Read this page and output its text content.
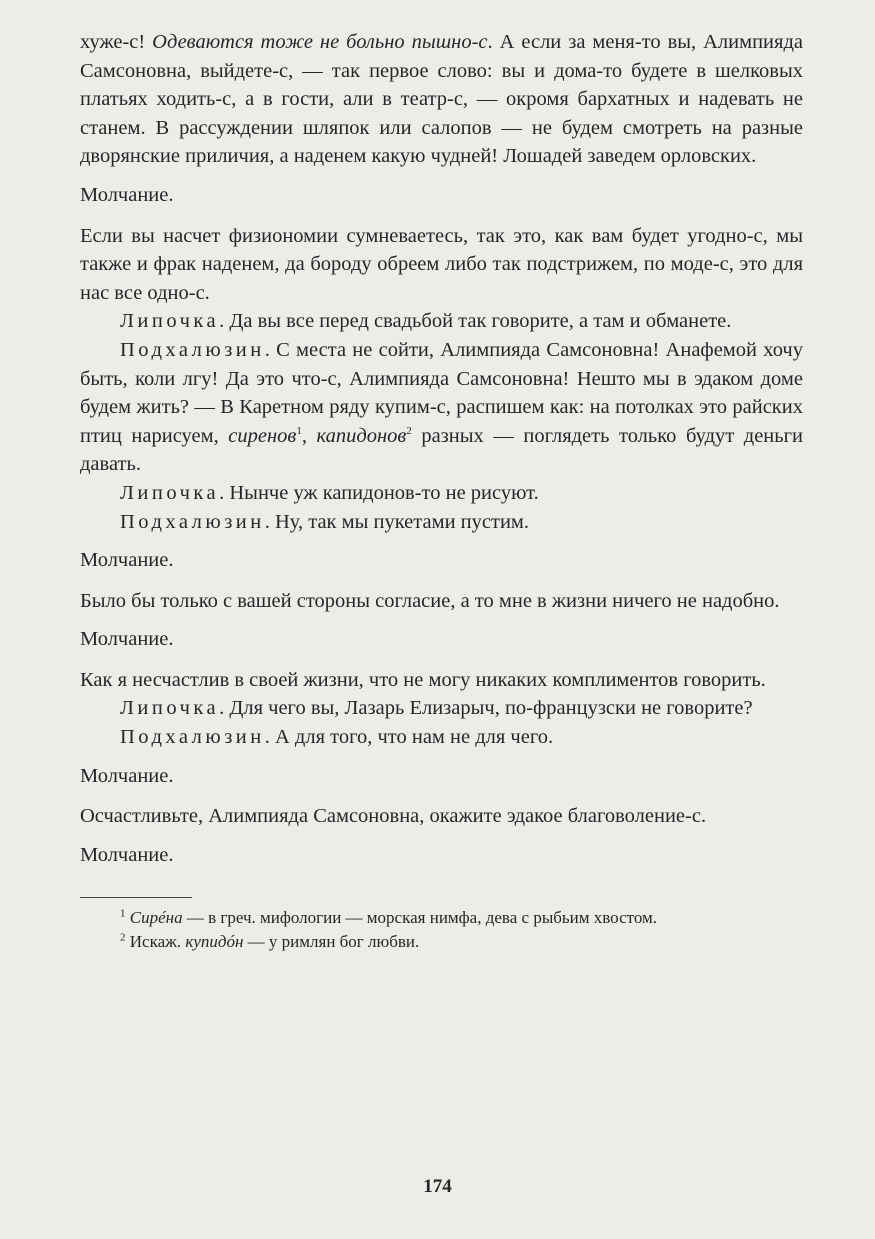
хуже-с! Одеваются тоже не больно пышно-с. А если за меня-то вы, Алимпияда Самсоновна, выйдете-с, — так первое слово: вы и дома-то будете в шелковых платьях ходить-с, а в гости, али в театр-с, — окромя бархатных и надевать не станем. В рассуждении шляпок или салопов — не будем смотреть на разные дворянские приличия, а наденем какую чудней! Лошадей заведем орловских.

Молчание.

Если вы насчет физиономии сумневаетесь, так это, как вам будет угодно-с, мы также и фрак наденем, да бороду обреем либо так подстрижем, по моде-с, это для нас все одно-с.

Липочка. Да вы все перед свадьбой так говорите, а там и обманете.

Подхалюзин. С места не сойти, Алимпияда Самсоновна! Анафемой хочу быть, коли лгу! Да это что-с, Алимпияда Самсоновна! Нешто мы в эдаком доме будем жить? — В Каретном ряду купим-с, распишем как: на потолках это райских птиц нарисуем, сиренов$^1$, капидонов$^2$ разных — поглядеть только будут деньги давать.

Липочка. Нынче уж капидонов-то не рисуют.

Подхалюзин. Ну, так мы пукетами пустим.

Молчание.

Было бы только с вашей стороны согласие, а то мне в жизни ничего не надобно.

Молчание.

Как я несчастлив в своей жизни, что не могу никаких комплиментов говорить.

Липочка. Для чего вы, Лазарь Елизарыч, по-французски не говорите?

Подхалюзин. А для того, что нам не для чего.

Молчание.

Осчастливьте, Алимпияда Самсоновна, окажите эдакое благоволение-с.

Молчание.

$^1$ Сирéна — в греч. мифологии — морская нимфа, дева с рыбьим хвостом.

$^2$ Искаж. купидóн — у римлян бог любви.

174
